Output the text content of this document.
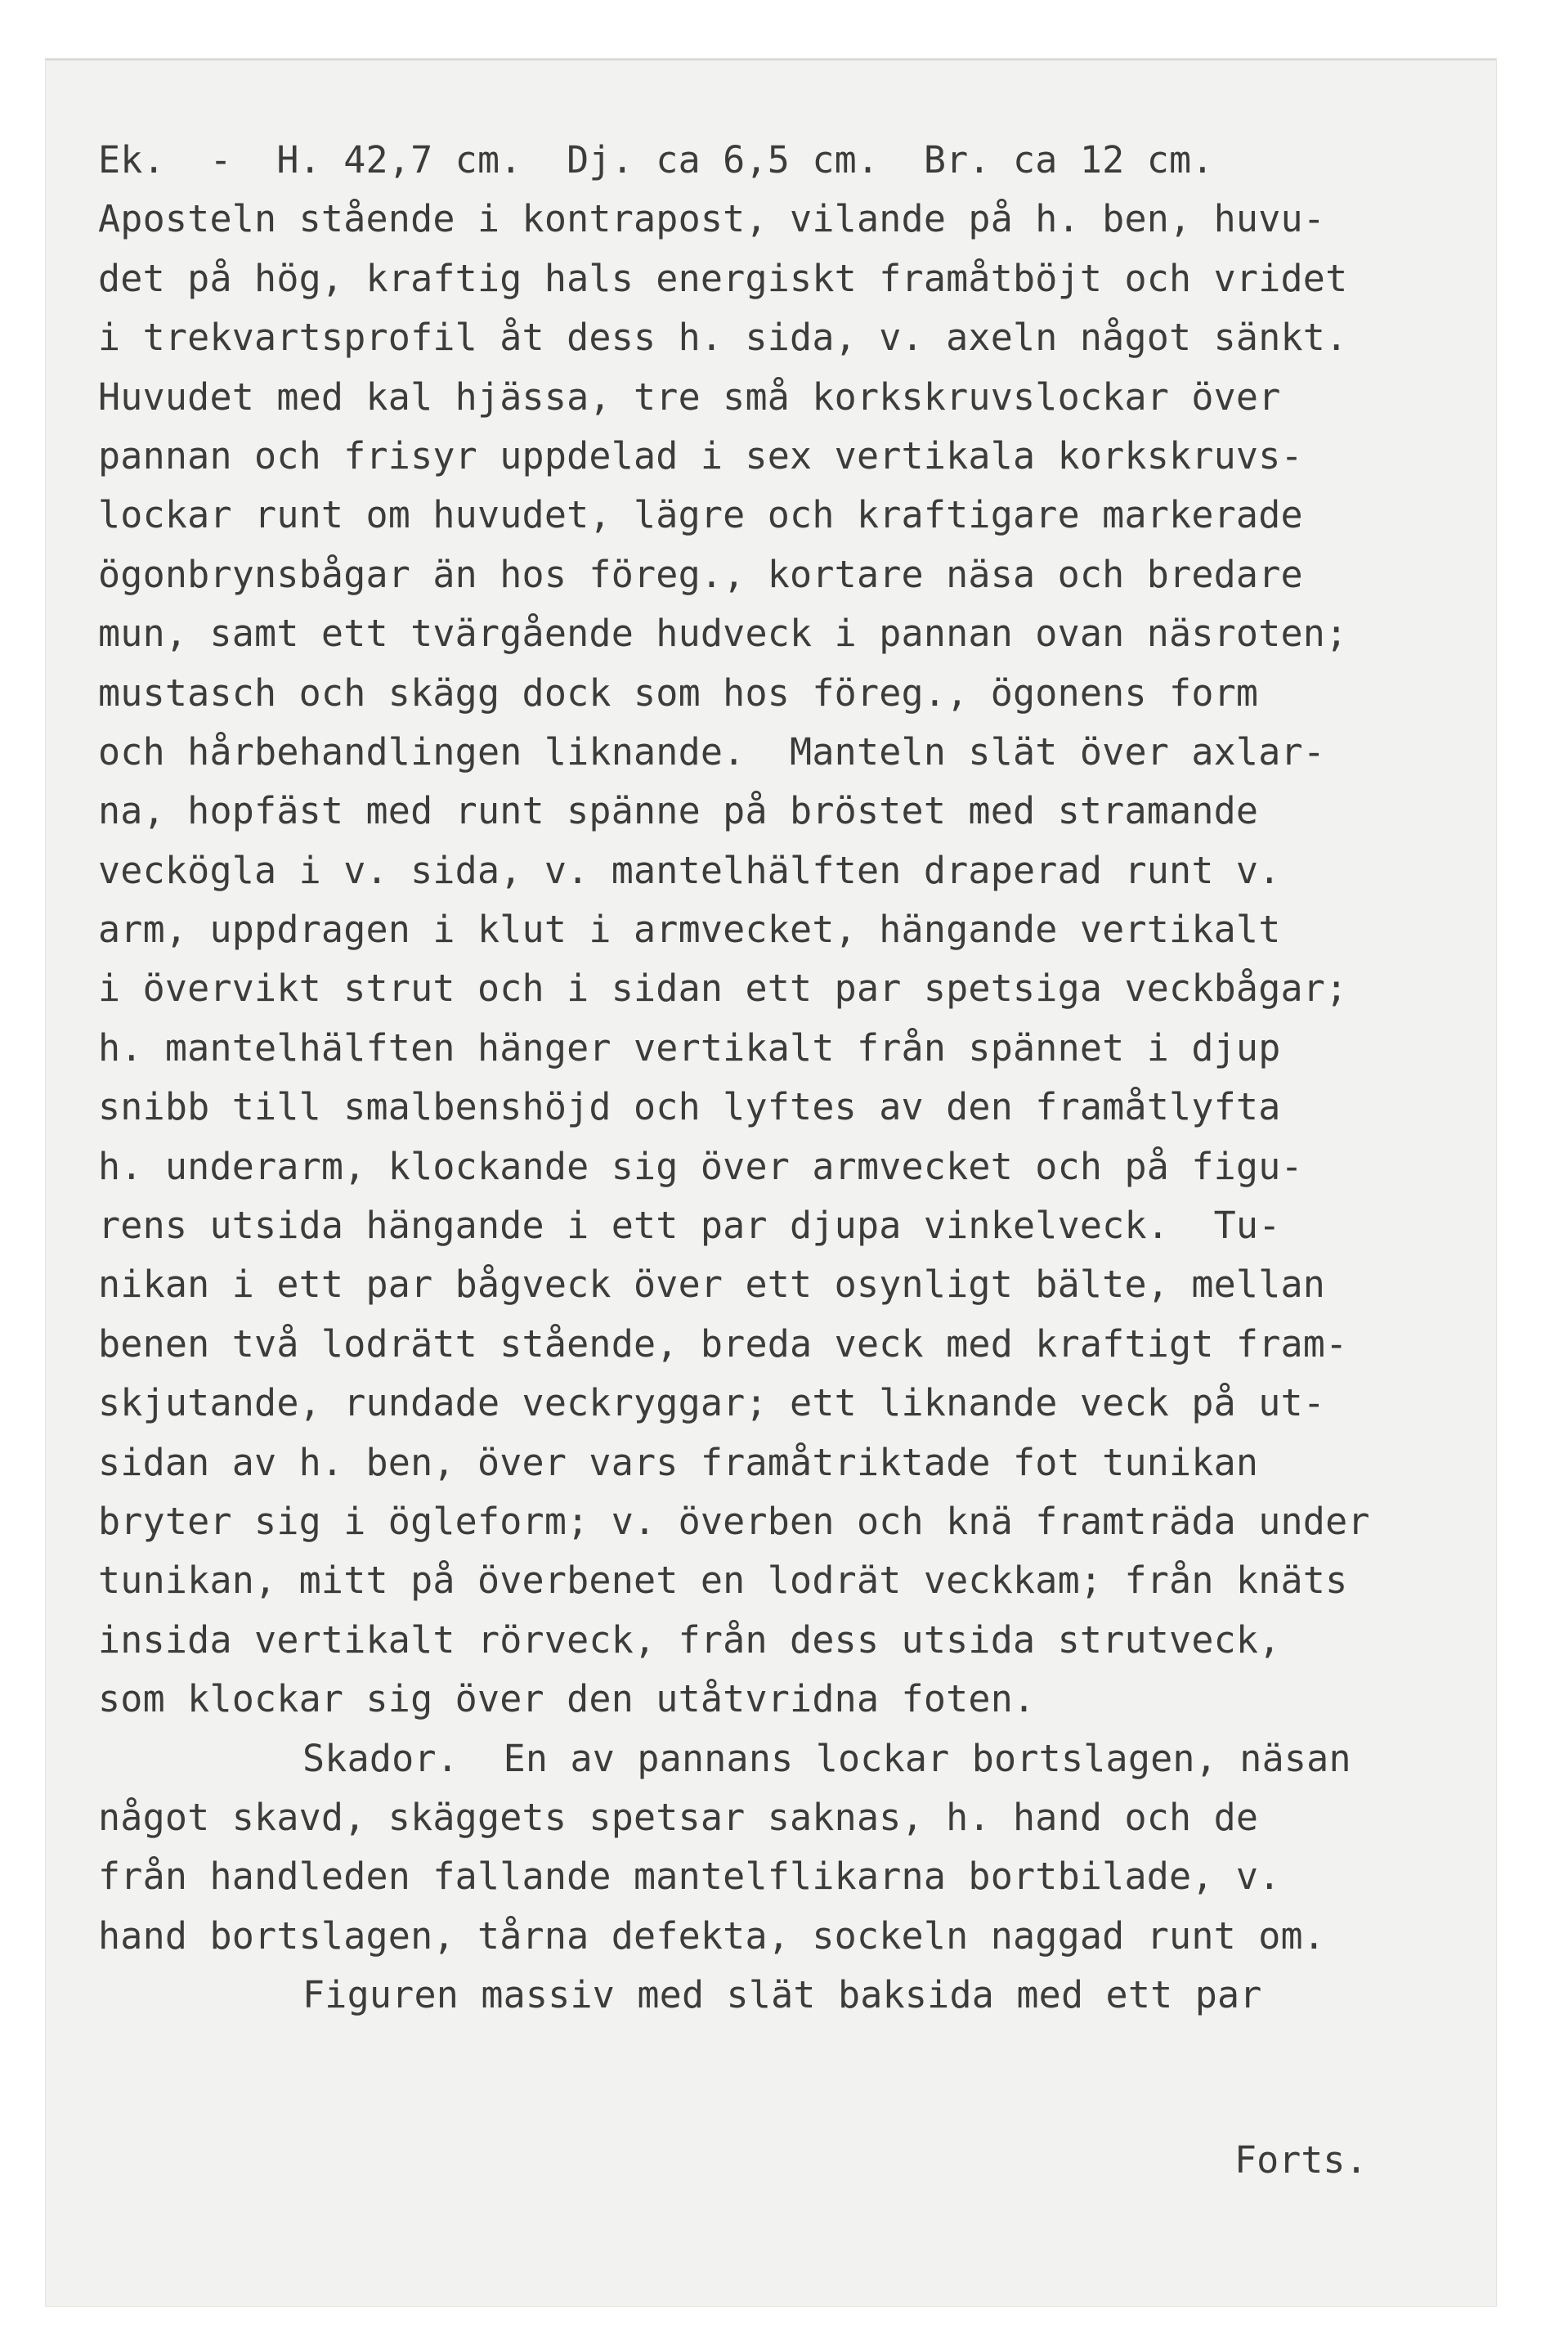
Ek.  -  H. 42,7 cm.  Dj. ca 6,5 cm.  Br. ca 12 cm.
Aposteln stående i kontrapost, vilande på h. ben, huvu-
det på hög, kraftig hals energiskt framåtböjt och vridet
i trekvartsprofil åt dess h. sida, v. axeln något sänkt.
Huvudet med kal hjässa, tre små korkskruvslockar över
pannan och frisyr uppdelad i sex vertikala korkskruvs-
lockar runt om huvudet, lägre och kraftigare markerade
ögonbrynsbågar än hos föreg., kortare näsa och bredare
mun, samt ett tvärgående hudveck i pannan ovan näsroten;
mustasch och skägg dock som hos föreg., ögonens form
och hårbehandlingen liknande.  Manteln slät över axlar-
na, hopfäst med runt spänne på bröstet med stramande
veckögla i v. sida, v. mantelhälften draperad runt v.
arm, uppdragen i klut i armvecket, hängande vertikalt
i övervikt strut och i sidan ett par spetsiga veckbågar;
h. mantelhälften hänger vertikalt från spännet i djup
snibb till smalbenshöjd och lyftes av den framåtlyfta
h. underarm, klockande sig över armvecket och på figu-
rens utsida hängande i ett par djupa vinkelveck.  Tu-
nikan i ett par bågveck över ett osynligt bälte, mellan
benen två lodrätt stående, breda veck med kraftigt fram-
skjutande, rundade veckryggar; ett liknande veck på ut-
sidan av h. ben, över vars framåtriktade fot tunikan
bryter sig i ögleform; v. överben och knä framträda under
tunikan, mitt på överbenet en lodrät veckkam; från knäts
insida vertikalt rörveck, från dess utsida strutveck,
som klockar sig över den utåtvridna foten.
Skador.  En av pannans lockar bortslagen, näsan
något skavd, skäggets spetsar saknas, h. hand och de
från handleden fallande mantelflikarna bortbilade, v.
hand bortslagen, tårna defekta, sockeln naggad runt om.
Figuren massiv med slät baksida med ett par
Forts.
